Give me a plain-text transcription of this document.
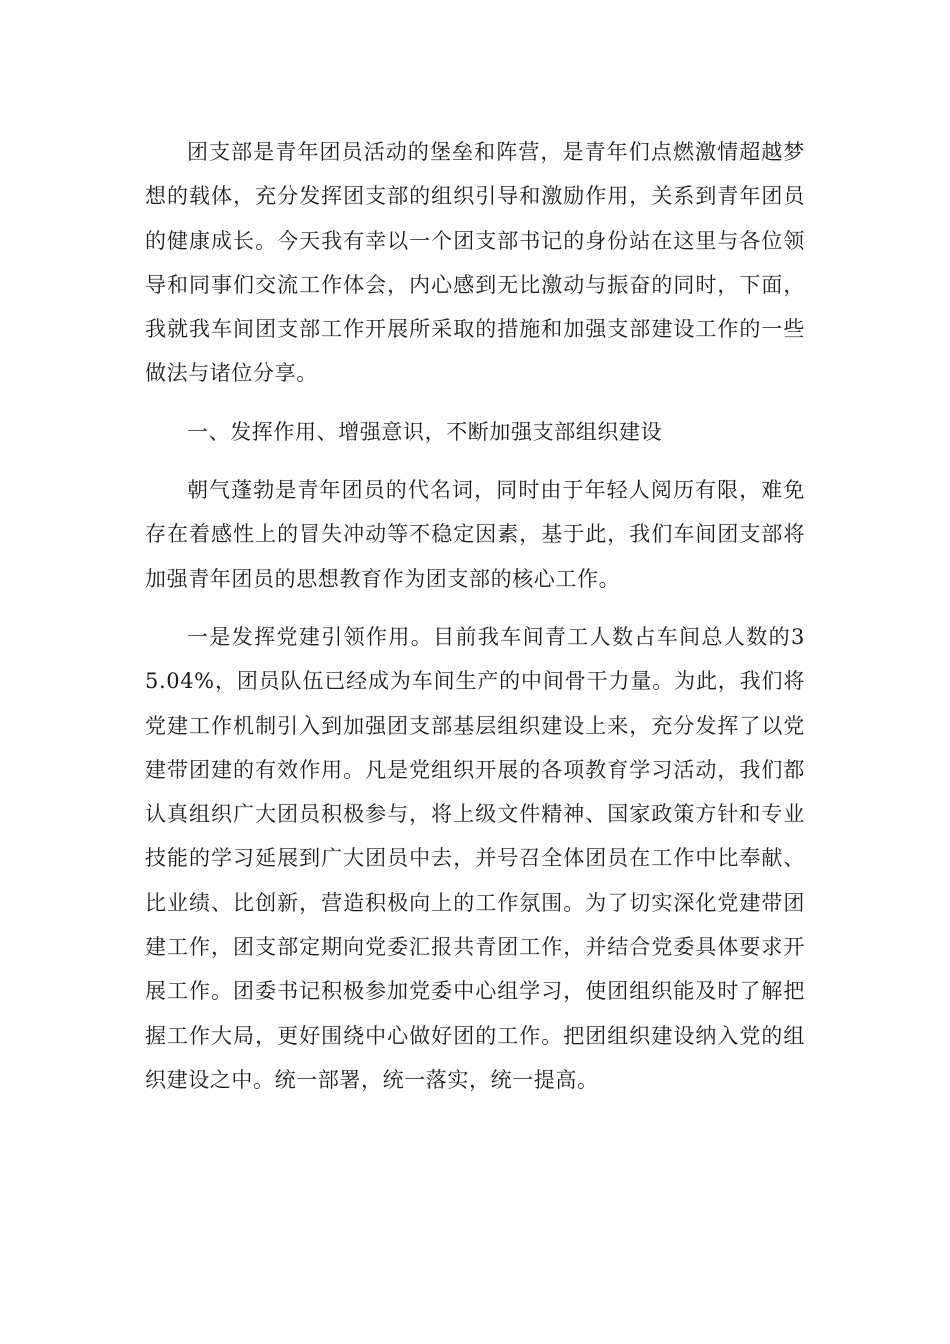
团支部是青年团员活动的堡垒和阵营，是青年们点燃激情超越梦想的载体，充分发挥团支部的组织引导和激励作用，关系到青年团员的健康成长。今天我有幸以一个团支部书记的身份站在这里与各位领导和同事们交流工作体会，内心感到无比激动与振奋的同时，下面，我就我车间团支部工作开展所采取的措施和加强支部建设工作的一些做法与诸位分享。

一、发挥作用、增强意识，不断加强支部组织建设

朝气蓬勃是青年团员的代名词，同时由于年轻人阅历有限，难免存在着感性上的冒失冲动等不稳定因素，基于此，我们车间团支部将加强青年团员的思想教育作为团支部的核心工作。

一是发挥党建引领作用。目前我车间青工人数占车间总人数的35.04%，团员队伍已经成为车间生产的中间骨干力量。为此，我们将党建工作机制引入到加强团支部基层组织建设上来，充分发挥了以党建带团建的有效作用。凡是党组织开展的各项教育学习活动，我们都认真组织广大团员积极参与，将上级文件精神、国家政策方针和专业技能的学习延展到广大团员中去，并号召全体团员在工作中比奉献、比业绩、比创新，营造积极向上的工作氛围。为了切实深化党建带团建工作，团支部定期向党委汇报共青团工作，并结合党委具体要求开展工作。团委书记积极参加党委中心组学习，使团组织能及时了解把握工作大局，更好围绕中心做好团的工作。把团组织建设纳入党的组织建设之中。统一部署，统一落实，统一提高。
